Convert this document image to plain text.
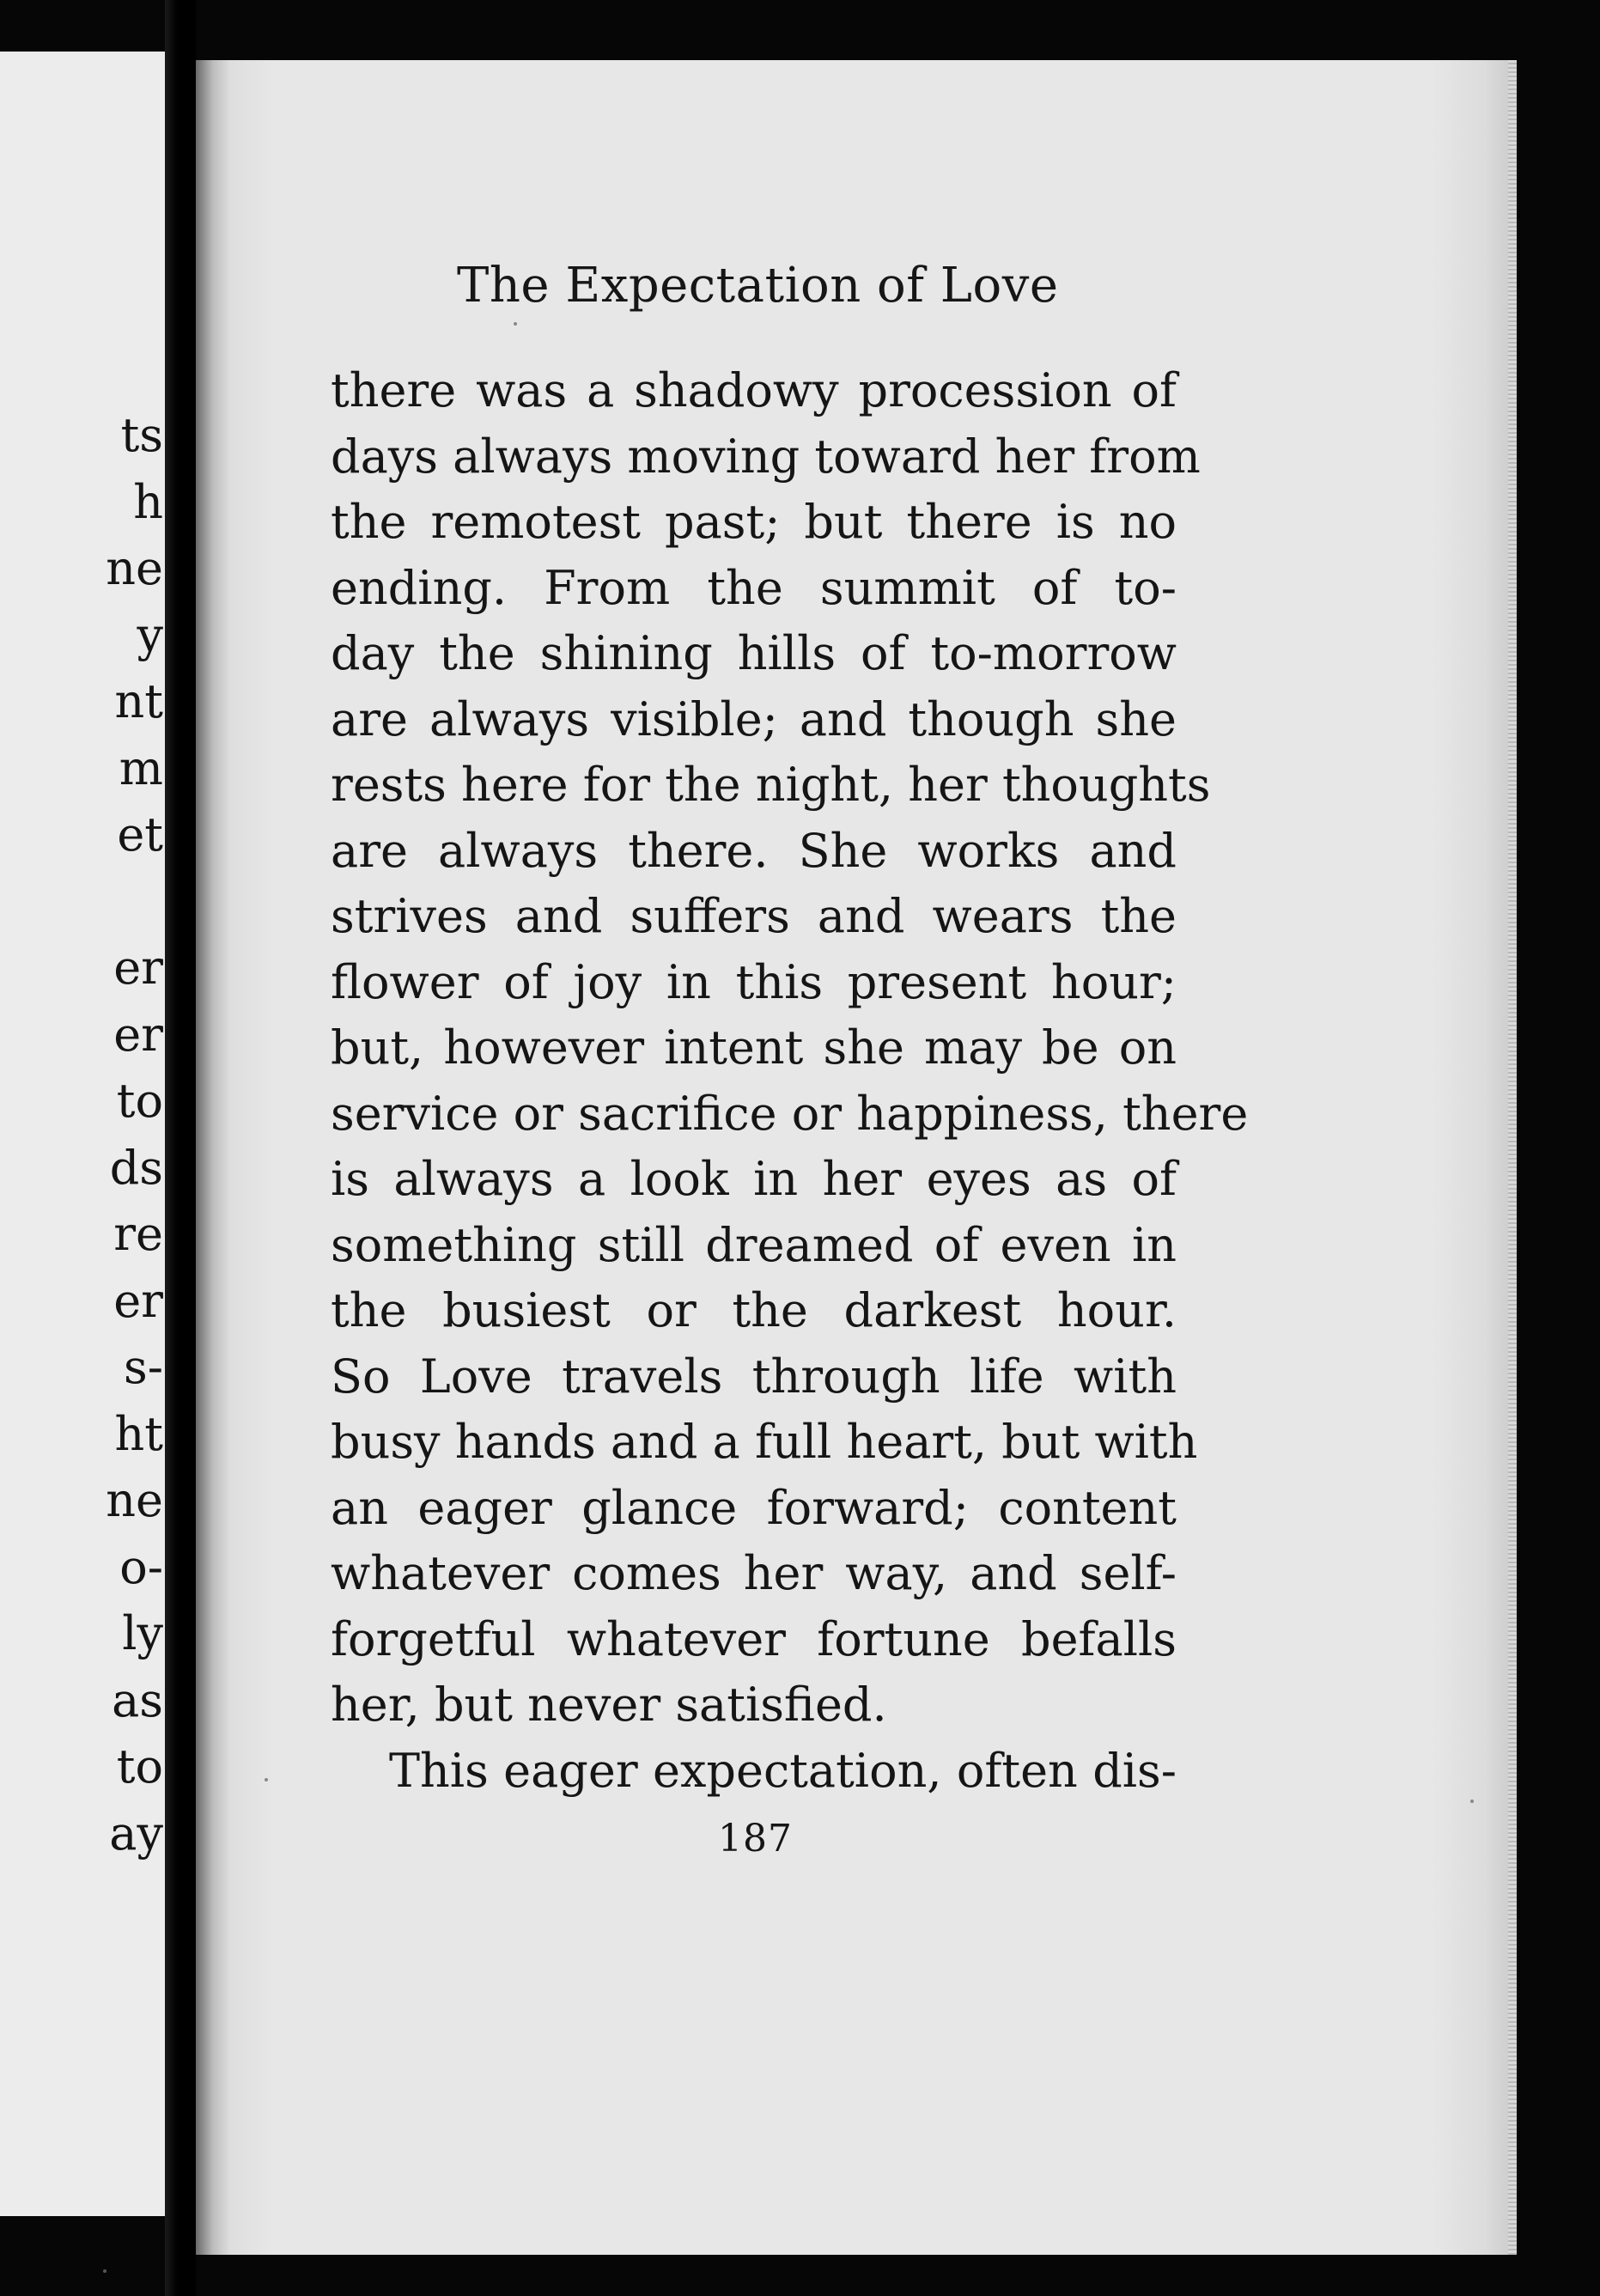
ts
h
ne
y
nt
m
et
er
er
to
ds
re
er
s-
ht
ne
o-
ly
as
to
ay
The Expectation of Love
there was a shadowy procession of
days always moving toward her from
the remotest past; but there is no
ending. From the summit of to-
day the shining hills of to-morrow
are always visible; and though she
rests here for the night, her thoughts
are always there. She works and
strives and suffers and wears the
flower of joy in this present hour;
but, however intent she may be on
service or sacrifice or happiness, there
is always a look in her eyes as of
something still dreamed of even in
the busiest or the darkest hour.
So Love travels through life with
busy hands and a full heart, but with
an eager glance forward; content
whatever comes her way, and self-
forgetful whatever fortune befalls
her, but never satisfied.
This eager expectation, often dis-
187
